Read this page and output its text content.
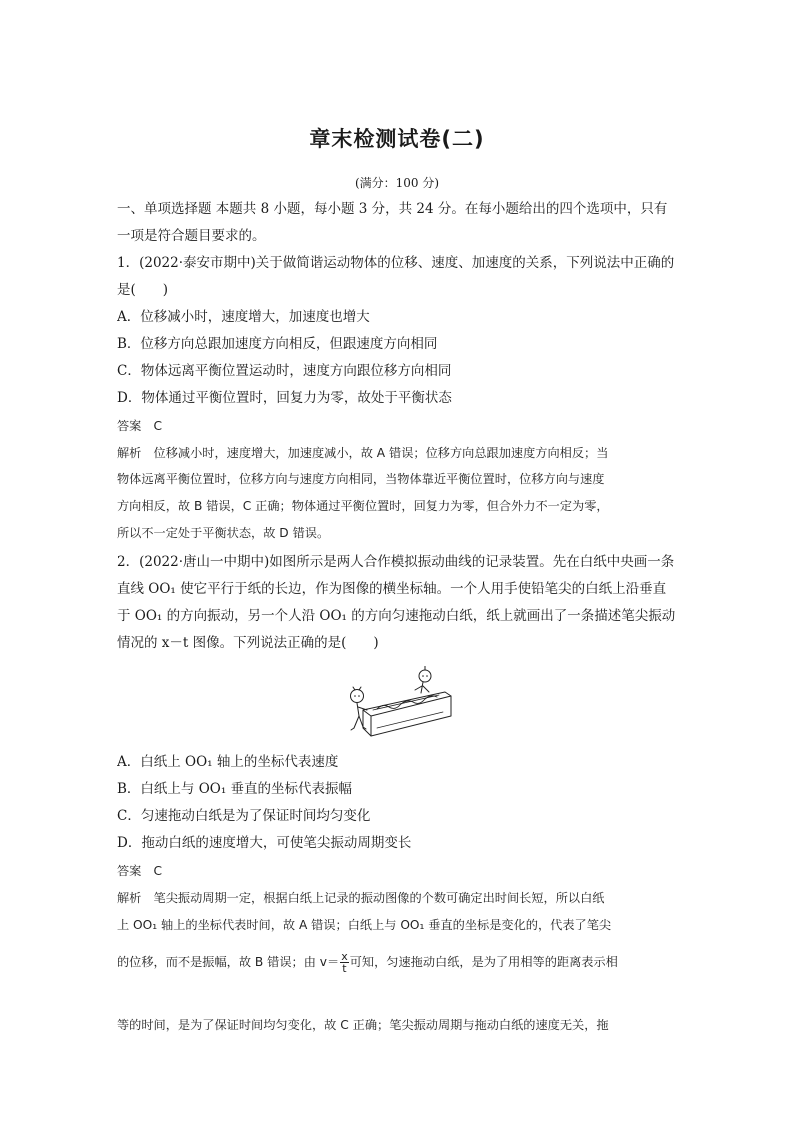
章末检测试卷(二)
(满分：100 分)
一、单项选择题 本题共 8 小题，每小题 3 分，共 24 分。在每小题给出的四个选项中，只有
一项是符合题目要求的。
1．(2022·泰安市期中)关于做简谐运动物体的位移、速度、加速度的关系，下列说法中正确的
是(　　)
A．位移减小时，速度增大，加速度也增大
B．位移方向总跟加速度方向相反，但跟速度方向相同
C．物体远离平衡位置运动时，速度方向跟位移方向相同
D．物体通过平衡位置时，回复力为零，故处于平衡状态
答案　C
解析　位移减小时，速度增大，加速度减小，故 A 错误；位移方向总跟加速度方向相反；当
物体远离平衡位置时，位移方向与速度方向相同，当物体靠近平衡位置时，位移方向与速度
方向相反，故 B 错误，C 正确；物体通过平衡位置时，回复力为零，但合外力不一定为零，
所以不一定处于平衡状态，故 D 错误。
2．(2022·唐山一中期中)如图所示是两人合作模拟振动曲线的记录装置。先在白纸中央画一条
直线 OO₁ 使它平行于纸的长边，作为图像的横坐标轴。一个人用手使铅笔尖的白纸上沿垂直
于 OO₁ 的方向振动，另一个人沿 OO₁ 的方向匀速拖动白纸，纸上就画出了一条描述笔尖振动
情况的 x－t 图像。下列说法正确的是(　　)
A．白纸上 OO₁ 轴上的坐标代表速度
B．白纸上与 OO₁ 垂直的坐标代表振幅
C．匀速拖动白纸是为了保证时间均匀变化
D．拖动白纸的速度增大，可使笔尖振动周期变长
答案　C
解析　笔尖振动周期一定，根据白纸上记录的振动图像的个数可确定出时间长短，所以白纸
上 OO₁ 轴上的坐标代表时间，故 A 错误；白纸上与 OO₁ 垂直的坐标是变化的，代表了笔尖
的位移，而不是振幅，故 B 错误；由 $v= \frac{x}{t}$ 可知，匀速拖动白纸，是为了用相等的距离表示相
等的时间，是为了保证时间均匀变化，故 C 正确；笔尖振动周期与拖动白纸的速度无关，拖
